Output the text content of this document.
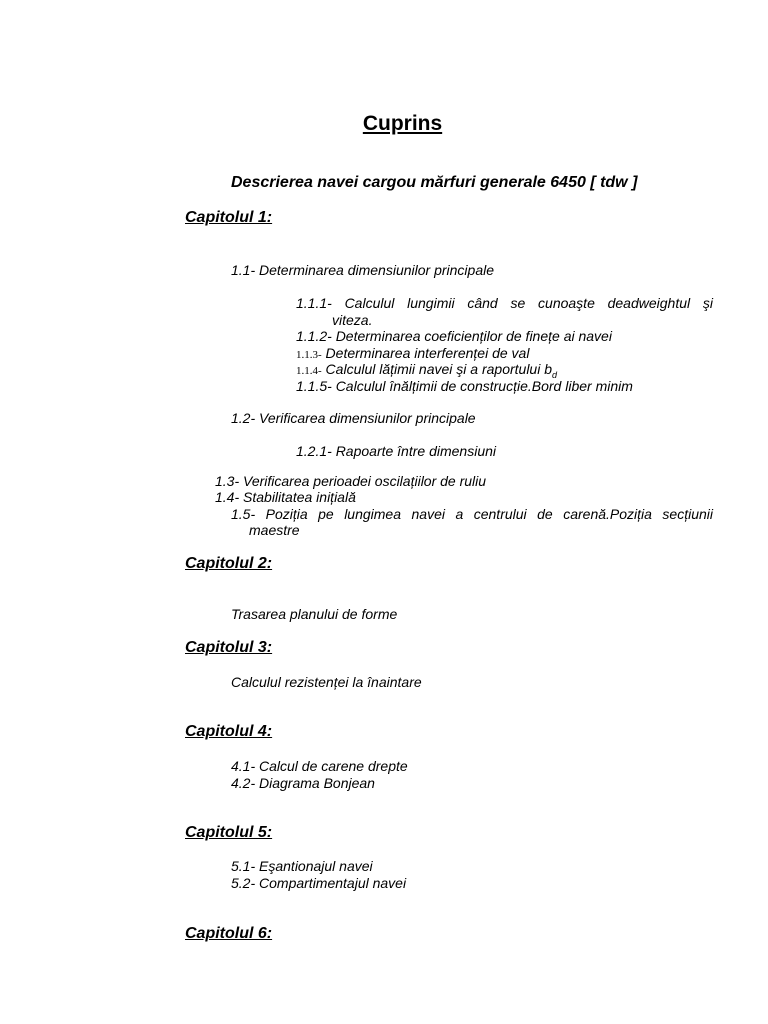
Cuprins
Descrierea navei cargou mărfuri generale 6450 [ tdw ]
Capitolul 1:
1.1- Determinarea dimensiunilor principale
1.1.1- Calculul lungimii când se cunoaşte deadweightul şi
viteza.
1.1.2- Determinarea coeficienților de finețe ai navei
1.1.3- Determinarea interferenței de val
1.1.4- Calculul lățimii navei şi a raportului $b_d$
1.1.5- Calculul înălțimii de construcție.Bord liber minim
1.2- Verificarea dimensiunilor principale
1.2.1- Rapoarte între dimensiuni
1.3- Verificarea perioadei oscilațiilor de ruliu
1.4- Stabilitatea inițială
1.5- Poziția pe lungimea navei a centrului de carenă.Poziția secțiunii
maestre
Capitolul 2:
Trasarea planului de forme
Capitolul 3:
Calculul rezistenței la înaintare
Capitolul 4:
4.1- Calcul de carene drepte
4.2- Diagrama Bonjean
Capitolul 5:
5.1- Eşantionajul navei
5.2- Compartimentajul navei
Capitolul 6:
